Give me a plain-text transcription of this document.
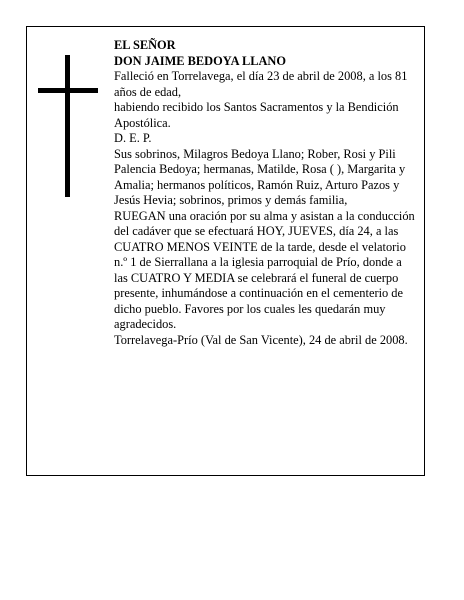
EL SEÑOR

DON JAIME BEDOYA LLANO

Falleció en Torrelavega, el día 23 de abril de 2008, a los 81 años de edad,

habiendo recibido los Santos Sacramentos y la Bendición Apostólica.

D. E. P.

Sus sobrinos, Milagros Bedoya Llano; Rober, Rosi y Pili Palencia Bedoya; hermanas, Matilde, Rosa ( ), Margarita y Amalia; hermanos políticos, Ramón Ruiz, Arturo Pazos y Jesús Hevia; sobrinos, primos y demás familia,

RUEGAN una oración por su alma y asistan a la conducción del cadáver que se efectuará HOY, JUEVES, día 24, a las CUATRO MENOS VEINTE de la tarde, desde el velatorio n.º 1 de Sierrallana a la iglesia parroquial de Prío, donde a las CUATRO Y MEDIA se celebrará el funeral de cuerpo presente, inhumándose a continuación en el cementerio de dicho pueblo. Favores por los cuales les quedarán muy agradecidos.

Torrelavega-Prío (Val de San Vicente), 24 de abril de 2008.
